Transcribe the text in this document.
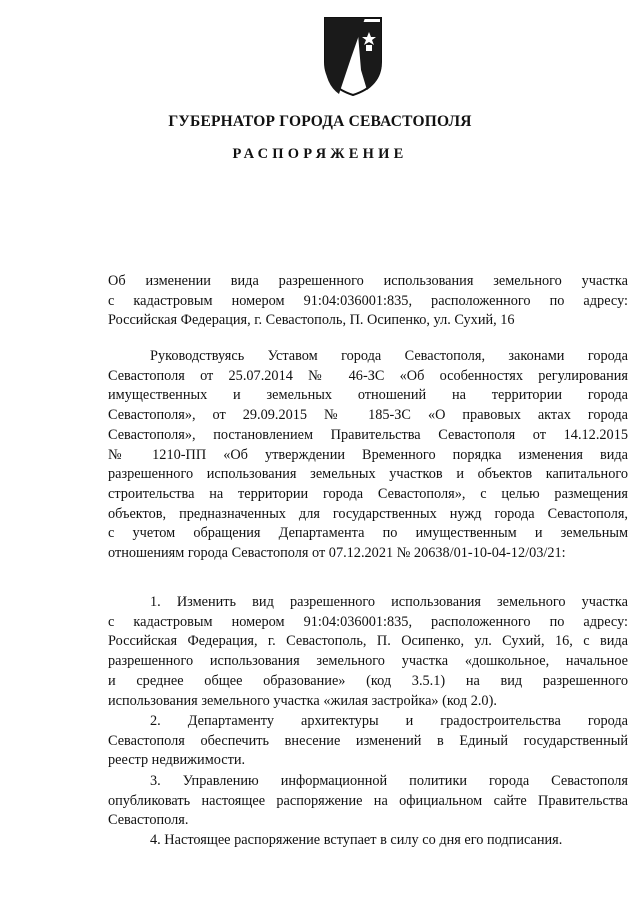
ГУБЕРНАТОР ГОРОДА СЕВАСТОПОЛЯ
РАСПОРЯЖЕНИЕ
Об изменении вида разрешенного использования земельного участка
с кадастровым номером 91:04:036001:835, расположенного по адресу:
Российская Федерация, г. Севастополь, П. Осипенко, ул. Сухий, 16
Руководствуясь Уставом города Севастополя, законами города
Севастополя от 25.07.2014 № 46-ЗС «Об особенностях регулирования
имущественных и земельных отношений на территории города
Севастополя», от 29.09.2015 № 185-ЗС «О правовых актах города
Севастополя», постановлением Правительства Севастополя от 14.12.2015
№ 1210-ПП «Об утверждении Временного порядка изменения вида
разрешенного использования земельных участков и объектов капитального
строительства на территории города Севастополя», с целью размещения
объектов, предназначенных для государственных нужд города Севастополя,
с учетом обращения Департамента по имущественным и земельным
отношениям города Севастополя от 07.12.2021 № 20638/01-10-04-12/03/21:
1. Изменить вид разрешенного использования земельного участка
с кадастровым номером 91:04:036001:835, расположенного по адресу:
Российская Федерация, г. Севастополь, П. Осипенко, ул. Сухий, 16, с вида
разрешенного использования земельного участка «дошкольное, начальное
и среднее общее образование» (код 3.5.1) на вид разрешенного
использования земельного участка «жилая застройка» (код 2.0).
2. Департаменту архитектуры и градостроительства города
Севастополя обеспечить внесение изменений в Единый государственный
реестр недвижимости.
3. Управлению информационной политики города Севастополя
опубликовать настоящее распоряжение на официальном сайте Правительства
Севастополя.
4. Настоящее распоряжение вступает в силу со дня его подписания.
